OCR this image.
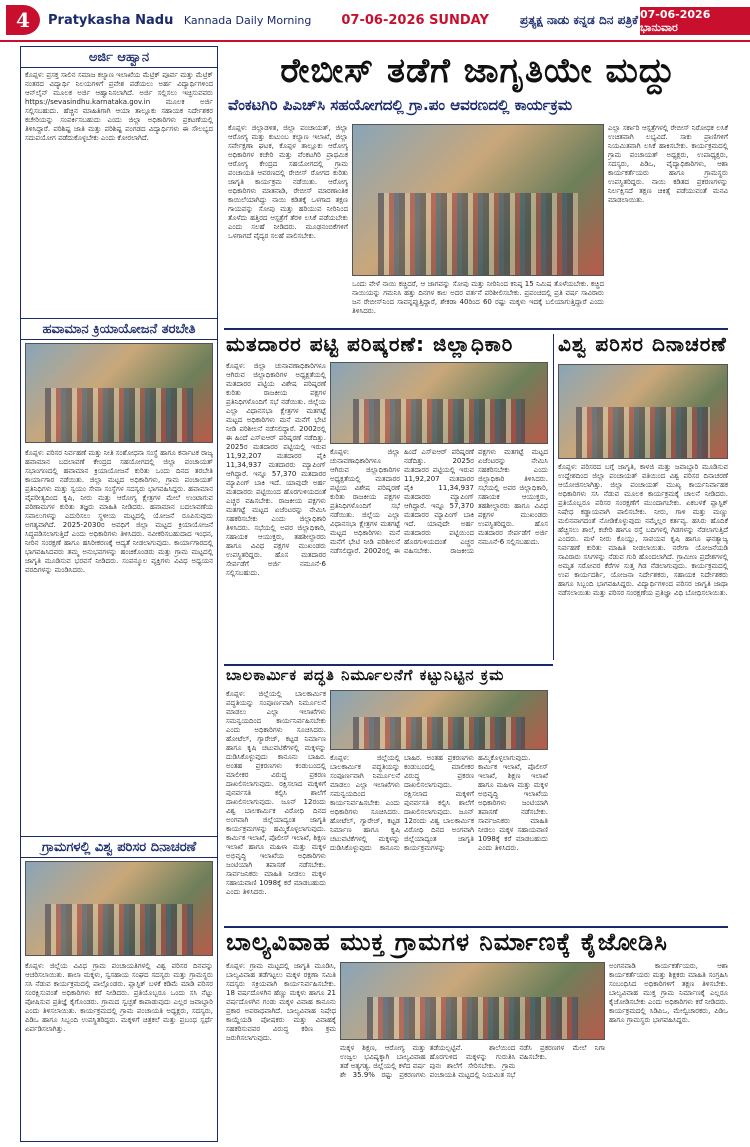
4	Pratykasha Nadu Kannada Daily Morning 07-06-2026 SUNDAY	ಪ್ರತ್ಯಕ್ಷ ನಾಡು ಕನ್ನಡ ದಿನ ಪತ್ರಿಕೆ 07-06-2026 ಭಾನುವಾರ
ಅರ್ಜಿ ಆಹ್ವಾನ
ಕೊಪ್ಪಳ: ಪ್ರಸಕ್ತ ಸಾಲಿನ ಸಮಾಜ ಕಲ್ಯಾಣ ಇಲಾಖೆಯ ಮೆಟ್ರಿಕ್ ಪೂರ್ವ ಮತ್ತು ಮೆಟ್ರಿಕ್ ನಂತರದ ವಿದ್ಯಾರ್ಥಿ ನಿಲಯಗಳಿಗೆ ಪ್ರವೇಶ ಪಡೆಯಲು ಅರ್ಹ ವಿದ್ಯಾರ್ಥಿಗಳಿಂದ ಆನ್‌ಲೈನ್ ಮೂಲಕ ಅರ್ಜಿ ಆಹ್ವಾನಿಸಲಾಗಿದೆ. ಅರ್ಜಿ ಸಲ್ಲಿಸಲು ಇಚ್ಛಿಸುವವರು https://sevasindhu.karnataka.gov.in ಮೂಲಕ ಅರ್ಜಿ ಸಲ್ಲಿಸಬಹುದು. ಹೆಚ್ಚಿನ ಮಾಹಿತಿಗಾಗಿ ಆಯಾ ತಾಲ್ಲೂಕು ಸಹಾಯಕ ನಿರ್ದೇಶಕರ ಕಚೇರಿಯನ್ನು ಸಂಪರ್ಕಿಸಬಹುದು ಎಂದು ಜಿಲ್ಲಾ ಅಧಿಕಾರಿಗಳು ಪ್ರಕಟಣೆಯಲ್ಲಿ ತಿಳಿಸಿದ್ದಾರೆ. ಪರಿಶಿಷ್ಟ ಜಾತಿ ಮತ್ತು ಪರಿಶಿಷ್ಟ ಪಂಗಡದ ವಿದ್ಯಾರ್ಥಿಗಳು ಈ ಸೌಲಭ್ಯದ ಸದುಪಯೋಗ ಪಡೆದುಕೊಳ್ಳಬೇಕು ಎಂದು ಕೋರಲಾಗಿದೆ.
ಹವಾಮಾನ ಕ್ರಿಯಾಯೋಜನೆ ತರಬೇತಿ
ಕೊಪ್ಪಳ: ಪರಿಸರ ನಿರ್ವಹಣೆ ಮತ್ತು ನೀತಿ ಸಂಶೋಧನಾ ಸಂಸ್ಥೆ ಹಾಗೂ ಕರ್ನಾಟಕ ರಾಜ್ಯ ಹವಾಮಾನ ಬದಲಾವಣೆ ಕೇಂದ್ರದ ಸಹಯೋಗದಲ್ಲಿ ಜಿಲ್ಲಾ ಪಂಚಾಯತ್ ಸಭಾಂಗಣದಲ್ಲಿ ಹವಾಮಾನ ಕ್ರಿಯಾಯೋಜನೆ ಕುರಿತು ಒಂದು ದಿನದ ತರಬೇತಿ ಕಾರ್ಯಾಗಾರ ನಡೆಯಿತು. ಜಿಲ್ಲಾ ಮಟ್ಟದ ಅಧಿಕಾರಿಗಳು, ಗ್ರಾಮ ಪಂಚಾಯತ್ ಪ್ರತಿನಿಧಿಗಳು ಮತ್ತು ಸ್ವಯಂ ಸೇವಾ ಸಂಸ್ಥೆಗಳ ಸದಸ್ಯರು ಭಾಗವಹಿಸಿದ್ದರು. ಹವಾಮಾನ ವೈಪರೀತ್ಯದಿಂದ ಕೃಷಿ, ನೀರು ಮತ್ತು ಆರೋಗ್ಯ ಕ್ಷೇತ್ರಗಳ ಮೇಲೆ ಉಂಟಾಗುವ ಪರಿಣಾಮಗಳ ಕುರಿತು ತಜ್ಞರು ಮಾಹಿತಿ ನೀಡಿದರು. ಹವಾಮಾನ ಬದಲಾವಣೆಯ ಸವಾಲುಗಳನ್ನು ಎದುರಿಸಲು ಸ್ಥಳೀಯ ಮಟ್ಟದಲ್ಲಿ ಯೋಜನೆ ರೂಪಿಸುವುದು ಅಗತ್ಯವಾಗಿದೆ. 2025-2030ರ ಅವಧಿಗೆ ಜಿಲ್ಲಾ ಮಟ್ಟದ ಕ್ರಿಯಾಯೋಜನೆ ಸಿದ್ಧಪಡಿಸಲಾಗುತ್ತಿದೆ ಎಂದು ಅಧಿಕಾರಿಗಳು ತಿಳಿಸಿದರು. ನವೀಕರಿಸಬಹುದಾದ ಇಂಧನ, ನೀರಿನ ಸಂರಕ್ಷಣೆ ಹಾಗೂ ಹಸಿರೀಕರಣಕ್ಕೆ ಆದ್ಯತೆ ನೀಡಲಾಗುವುದು. ಕಾರ್ಯಾಗಾರದಲ್ಲಿ ಭಾಗವಹಿಸಿದವರು ತಮ್ಮ ಅನುಭವಗಳನ್ನು ಹಂಚಿಕೊಂಡರು ಮತ್ತು ಗ್ರಾಮ ಮಟ್ಟದಲ್ಲಿ ಜಾಗೃತಿ ಮೂಡಿಸುವ ಭರವಸೆ ನೀಡಿದರು. ಸಂಪನ್ಮೂಲ ವ್ಯಕ್ತಿಗಳು ವಿವಿಧ ಅಧ್ಯಯನ ವರದಿಗಳನ್ನು ಮಂಡಿಸಿದರು.
ಗ್ರಾಮಗಳಲ್ಲಿ ವಿಶ್ವ ಪರಿಸರ ದಿನಾಚರಣೆ
ಕೊಪ್ಪಳ: ಜಿಲ್ಲೆಯ ವಿವಿಧ ಗ್ರಾಮ ಪಂಚಾಯತಿಗಳಲ್ಲಿ ವಿಶ್ವ ಪರಿಸರ ದಿನವನ್ನು ಆಚರಿಸಲಾಯಿತು. ಶಾಲಾ ಮಕ್ಕಳು, ಸ್ವಸಹಾಯ ಸಂಘದ ಸದಸ್ಯರು ಮತ್ತು ಗ್ರಾಮಸ್ಥರು ಸಸಿ ನೆಡುವ ಕಾರ್ಯಕ್ರಮದಲ್ಲಿ ಪಾಲ್ಗೊಂಡರು. ಪ್ಲಾಸ್ಟಿಕ್ ಬಳಕೆ ಕಡಿಮೆ ಮಾಡಿ ಪರಿಸರ ಸಂರಕ್ಷಿಸುವಂತೆ ಅಧಿಕಾರಿಗಳು ಕರೆ ನೀಡಿದರು. ಪ್ರತಿಯೊಬ್ಬರೂ ಒಂದು ಸಸಿ ನೆಟ್ಟು ಪೋಷಿಸುವ ಪ್ರತಿಜ್ಞೆ ಕೈಗೊಂಡರು. ಗ್ರಾಮದ ಸ್ವಚ್ಛತೆ ಕಾಪಾಡುವುದು ಎಲ್ಲರ ಜವಾಬ್ದಾರಿ ಎಂದು ತಿಳಿಸಲಾಯಿತು. ಕಾರ್ಯಕ್ರಮದಲ್ಲಿ ಗ್ರಾಮ ಪಂಚಾಯತಿ ಅಧ್ಯಕ್ಷರು, ಸದಸ್ಯರು, ಪಿಡಿಒ ಹಾಗೂ ಸಿಬ್ಬಂದಿ ಉಪಸ್ಥಿತರಿದ್ದರು. ಮಕ್ಕಳಿಗೆ ಚಿತ್ರಕಲೆ ಮತ್ತು ಪ್ರಬಂಧ ಸ್ಪರ್ಧೆ ಏರ್ಪಡಿಸಲಾಗಿತ್ತು.
ರೇಬೀಸ್ ತಡೆಗೆ ಜಾಗೃತಿಯೇ ಮದ್ದು
ವೆಂಕಟಗಿರಿ ಪಿಎಚ್‌ಸಿ ಸಹಯೋಗದಲ್ಲಿ ಗ್ರಾ.ಪಂ ಆವರಣದಲ್ಲಿ ಕಾರ್ಯಕ್ರಮ
ಕೊಪ್ಪಳ: ಜಿಲ್ಲಾಡಳಿತ, ಜಿಲ್ಲಾ ಪಂಚಾಯತ್, ಜಿಲ್ಲಾ ಆರೋಗ್ಯ ಮತ್ತು ಕುಟುಂಬ ಕಲ್ಯಾಣ ಇಲಾಖೆ, ಜಿಲ್ಲಾ ಸರ್ವೇಕ್ಷಣಾ ಘಟಕ, ಕೊಪ್ಪಳ ತಾಲ್ಲೂಕು ಆರೋಗ್ಯ ಅಧಿಕಾರಿಗಳ ಕಚೇರಿ ಮತ್ತು ವೆಂಕಟಗಿರಿ ಪ್ರಾಥಮಿಕ ಆರೋಗ್ಯ ಕೇಂದ್ರದ ಸಹಯೋಗದಲ್ಲಿ ಗ್ರಾಮ ಪಂಚಾಯತಿ ಆವರಣದಲ್ಲಿ ರೇಬೀಸ್ ರೋಗದ ಕುರಿತು ಜಾಗೃತಿ ಕಾರ್ಯಕ್ರಮ ನಡೆಯಿತು. ಆರೋಗ್ಯ ಅಧಿಕಾರಿಗಳು ಮಾತನಾಡಿ, ರೇಬೀಸ್ ಮಾರಣಾಂತಿಕ ಕಾಯಿಲೆಯಾಗಿದ್ದು ನಾಯಿ ಕಡಿತಕ್ಕೆ ಒಳಗಾದ ತಕ್ಷಣ ಗಾಯವನ್ನು ಸೋಪು ಮತ್ತು ಹರಿಯುವ ನೀರಿನಿಂದ ತೊಳೆದು ಹತ್ತಿರದ ಆಸ್ಪತ್ರೆಗೆ ತೆರಳಿ ಲಸಿಕೆ ಪಡೆಯಬೇಕು ಎಂದು ಸಲಹೆ ನೀಡಿದರು. ಮೂಢನಂಬಿಕೆಗಳಿಗೆ ಒಳಗಾಗದೆ ವೈದ್ಯರ ಸಲಹೆ ಪಾಲಿಸಬೇಕು.
ಎಲ್ಲಾ ಸರ್ಕಾರಿ ಆಸ್ಪತ್ರೆಗಳಲ್ಲಿ ರೇಬೀಸ್ ನಿರೋಧಕ ಲಸಿಕೆ ಉಚಿತವಾಗಿ ಲಭ್ಯವಿದೆ. ಸಾಕು ಪ್ರಾಣಿಗಳಿಗೆ ನಿಯಮಿತವಾಗಿ ಲಸಿಕೆ ಹಾಕಿಸಬೇಕು. ಕಾರ್ಯಕ್ರಮದಲ್ಲಿ ಗ್ರಾಮ ಪಂಚಾಯತ್ ಅಧ್ಯಕ್ಷರು, ಉಪಾಧ್ಯಕ್ಷರು, ಸದಸ್ಯರು, ಪಿಡಿಒ, ವೈದ್ಯಾಧಿಕಾರಿಗಳು, ಆಶಾ ಕಾರ್ಯಕರ್ತೆಯರು ಹಾಗೂ ಗ್ರಾಮಸ್ಥರು ಉಪಸ್ಥಿತರಿದ್ದರು. ನಾಯಿ ಕಡಿತದ ಪ್ರಕರಣಗಳನ್ನು ನಿರ್ಲಕ್ಷಿಸದೆ ತಕ್ಷಣ ಚಿಕಿತ್ಸೆ ಪಡೆಯುವಂತೆ ಮನವಿ ಮಾಡಲಾಯಿತು.
ಒಂದು ವೇಳೆ ನಾಯಿ ಕಚ್ಚಿದರೆ, ಆ ಜಾಗವನ್ನು ಸೋಪು ಮತ್ತು ನೀರಿನಿಂದ ಕನಿಷ್ಠ 15 ನಿಮಿಷ ತೊಳೆಯಬೇಕು. ಕಚ್ಚಿದ ನಾಯಿಯನ್ನು ಗಮನಿಸಿ ಹತ್ತು ದಿನಗಳ ಕಾಲ ಅದರ ವರ್ತನೆ ಪರಿಶೀಲಿಸಬೇಕು. ಪ್ರಪಂಚದಲ್ಲಿ ಪ್ರತಿ ವರ್ಷ ಸಾವಿರಾರು ಜನ ರೇಬೀಸ್‌ನಿಂದ ಸಾವನ್ನಪ್ಪುತ್ತಿದ್ದಾರೆ, ಶೇಕಡಾ 40ರಿಂದ 60 ರಷ್ಟು ಮಕ್ಕಳು ಇದಕ್ಕೆ ಬಲಿಯಾಗುತ್ತಿದ್ದಾರೆ ಎಂದು ತಿಳಿಸಿದರು.
ಮತದಾರರ ಪಟ್ಟಿ ಪರಿಷ್ಕರಣೆ: ಜಿಲ್ಲಾಧಿಕಾರಿ
ಕೊಪ್ಪಳ: ಜಿಲ್ಲಾ ಚುನಾವಣಾಧಿಕಾರಿಗಳೂ ಆಗಿರುವ ಜಿಲ್ಲಾಧಿಕಾರಿಗಳ ಅಧ್ಯಕ್ಷತೆಯಲ್ಲಿ ಮತದಾರರ ಪಟ್ಟಿಯ ವಿಶೇಷ ಪರಿಷ್ಕರಣೆ ಕುರಿತು ರಾಜಕೀಯ ಪಕ್ಷಗಳ ಪ್ರತಿನಿಧಿಗಳೊಂದಿಗೆ ಸಭೆ ನಡೆಯಿತು. ಜಿಲ್ಲೆಯ ಎಲ್ಲಾ ವಿಧಾನಸಭಾ ಕ್ಷೇತ್ರಗಳ ಮತಗಟ್ಟೆ ಮಟ್ಟದ ಅಧಿಕಾರಿಗಳು ಮನೆ ಮನೆಗೆ ಭೇಟಿ ನೀಡಿ ಪರಿಶೀಲನೆ ನಡೆಸಲಿದ್ದಾರೆ. 2002ರಲ್ಲಿ ಈ ಹಿಂದೆ ಎಸ್‌ಐಆರ್ ಪರಿಷ್ಕರಣೆ ನಡೆದಿತ್ತು. 2025ರ ಮತದಾರರ ಪಟ್ಟಿಯಲ್ಲಿ ಇರುವ 11,92,207 ಮತದಾರರ ಪೈಕಿ 11,34,937 ಮತದಾರರು ಮ್ಯಾಪಿಂಗ್ ಆಗಿದ್ದಾರೆ. ಇನ್ನೂ 57,370 ಮತದಾರರ ಮ್ಯಾಪಿಂಗ್ ಬಾಕಿ ಇದೆ. ಯಾವುದೇ ಅರ್ಹ ಮತದಾರರು ಪಟ್ಟಿಯಿಂದ ಹೊರಗುಳಿಯದಂತೆ ಎಚ್ಚರ ವಹಿಸಬೇಕು. ರಾಜಕೀಯ ಪಕ್ಷಗಳು ಮತಗಟ್ಟೆ ಮಟ್ಟದ ಏಜೆಂಟರನ್ನು ನೇಮಿಸಿ ಸಹಕರಿಸಬೇಕು ಎಂದು ಜಿಲ್ಲಾಧಿಕಾರಿ ತಿಳಿಸಿದರು. ಸಭೆಯಲ್ಲಿ ಅಪರ ಜಿಲ್ಲಾಧಿಕಾರಿ, ಸಹಾಯಕ ಆಯುಕ್ತರು, ತಹಶೀಲ್ದಾರರು ಹಾಗೂ ವಿವಿಧ ಪಕ್ಷಗಳ ಮುಖಂಡರು ಉಪಸ್ಥಿತರಿದ್ದರು. ಹೊಸ ಮತದಾರರ ಸೇರ್ಪಡೆಗೆ ಅರ್ಜಿ ನಮೂನೆ-6 ಸಲ್ಲಿಸಬಹುದು.
ಕೊಪ್ಪಳ: ಜಿಲ್ಲಾ ಚುನಾವಣಾಧಿಕಾರಿಗಳೂ ಆಗಿರುವ ಜಿಲ್ಲಾಧಿಕಾರಿಗಳ ಅಧ್ಯಕ್ಷತೆಯಲ್ಲಿ ಮತದಾರರ ಪಟ್ಟಿಯ ವಿಶೇಷ ಪರಿಷ್ಕರಣೆ ಕುರಿತು ರಾಜಕೀಯ ಪಕ್ಷಗಳ ಪ್ರತಿನಿಧಿಗಳೊಂದಿಗೆ ಸಭೆ ನಡೆಯಿತು. ಜಿಲ್ಲೆಯ ಎಲ್ಲಾ ವಿಧಾನಸಭಾ ಕ್ಷೇತ್ರಗಳ ಮತಗಟ್ಟೆ ಮಟ್ಟದ ಅಧಿಕಾರಿಗಳು ಮನೆ ಮನೆಗೆ ಭೇಟಿ ನೀಡಿ ಪರಿಶೀಲನೆ ನಡೆಸಲಿದ್ದಾರೆ. 2002ರಲ್ಲಿ ಈ ಹಿಂದೆ ಎಸ್‌ಐಆರ್ ಪರಿಷ್ಕರಣೆ ನಡೆದಿತ್ತು. 2025ರ ಮತದಾರರ ಪಟ್ಟಿಯಲ್ಲಿ ಇರುವ 11,92,207 ಮತದಾರರ ಪೈಕಿ 11,34,937 ಮತದಾರರು ಮ್ಯಾಪಿಂಗ್ ಆಗಿದ್ದಾರೆ. ಇನ್ನೂ 57,370 ಮತದಾರರ ಮ್ಯಾಪಿಂಗ್ ಬಾಕಿ ಇದೆ. ಯಾವುದೇ ಅರ್ಹ ಮತದಾರರು ಪಟ್ಟಿಯಿಂದ ಹೊರಗುಳಿಯದಂತೆ ಎಚ್ಚರ ವಹಿಸಬೇಕು. ರಾಜಕೀಯ ಪಕ್ಷಗಳು ಮತಗಟ್ಟೆ ಮಟ್ಟದ ಏಜೆಂಟರನ್ನು ನೇಮಿಸಿ ಸಹಕರಿಸಬೇಕು ಎಂದು ಜಿಲ್ಲಾಧಿಕಾರಿ ತಿಳಿಸಿದರು. ಸಭೆಯಲ್ಲಿ ಅಪರ ಜಿಲ್ಲಾಧಿಕಾರಿ, ಸಹಾಯಕ ಆಯುಕ್ತರು, ತಹಶೀಲ್ದಾರರು ಹಾಗೂ ವಿವಿಧ ಪಕ್ಷಗಳ ಮುಖಂಡರು ಉಪಸ್ಥಿತರಿದ್ದರು. ಹೊಸ ಮತದಾರರ ಸೇರ್ಪಡೆಗೆ ಅರ್ಜಿ ನಮೂನೆ-6 ಸಲ್ಲಿಸಬಹುದು.
ವಿಶ್ವ ಪರಿಸರ ದಿನಾಚರಣೆ
ಕೊಪ್ಪಳ: ಪರಿಸರದ ಬಗ್ಗೆ ಜಾಗೃತಿ, ಕಾಳಜಿ ಮತ್ತು ಜವಾಬ್ದಾರಿ ಮೂಡಿಸುವ ಉದ್ದೇಶದಿಂದ ಜಿಲ್ಲಾ ಪಂಚಾಯತ್ ವತಿಯಿಂದ ವಿಶ್ವ ಪರಿಸರ ದಿನಾಚರಣೆ ಆಯೋಜಿಸಲಾಗಿತ್ತು. ಜಿಲ್ಲಾ ಪಂಚಾಯತ್ ಮುಖ್ಯ ಕಾರ್ಯನಿರ್ವಾಹಕ ಅಧಿಕಾರಿಗಳು ಸಸಿ ನೆಡುವ ಮೂಲಕ ಕಾರ್ಯಕ್ರಮಕ್ಕೆ ಚಾಲನೆ ನೀಡಿದರು. ಪ್ರತಿಯೊಬ್ಬರೂ ಪರಿಸರ ಸಂರಕ್ಷಣೆಗೆ ಮುಂದಾಗಬೇಕು. ಏಕಬಳಕೆ ಪ್ಲಾಸ್ಟಿಕ್ ನಿಷೇಧ ಕಡ್ಡಾಯವಾಗಿ ಪಾಲಿಸಬೇಕು. ನೀರು, ಗಾಳಿ ಮತ್ತು ಮಣ್ಣು ಮಲಿನವಾಗದಂತೆ ನೋಡಿಕೊಳ್ಳುವುದು ನಮ್ಮೆಲ್ಲರ ಕರ್ತವ್ಯ. ಹಸಿರು ಹೊದಿಕೆ ಹೆಚ್ಚಿಸಲು ಶಾಲೆ, ಕಚೇರಿ ಹಾಗೂ ರಸ್ತೆ ಬದಿಗಳಲ್ಲಿ ಗಿಡಗಳನ್ನು ನೆಡಲಾಗುತ್ತಿದೆ ಎಂದರು. ಮಳೆ ನೀರು ಕೊಯ್ಲು, ಸಾವಯವ ಕೃಷಿ ಹಾಗೂ ಘನತ್ಯಾಜ್ಯ ನಿರ್ವಹಣೆ ಕುರಿತು ಮಾಹಿತಿ ನೀಡಲಾಯಿತು. ನರೇಗಾ ಯೋಜನೆಯಡಿ ಸಾವಿರಾರು ಸಸಿಗಳನ್ನು ನೆಡುವ ಗುರಿ ಹೊಂದಲಾಗಿದೆ. ಗ್ರಾಮೀಣ ಪ್ರದೇಶಗಳಲ್ಲಿ ಅಮೃತ ಸರೋವರ ಕೆರೆಗಳ ಸುತ್ತ ಗಿಡ ನೆಡಲಾಗುವುದು. ಕಾರ್ಯಕ್ರಮದಲ್ಲಿ ಉಪ ಕಾರ್ಯದರ್ಶಿ, ಯೋಜನಾ ನಿರ್ದೇಶಕರು, ಸಹಾಯಕ ನಿರ್ದೇಶಕರು ಹಾಗೂ ಸಿಬ್ಬಂದಿ ಭಾಗವಹಿಸಿದ್ದರು. ವಿದ್ಯಾರ್ಥಿಗಳಿಂದ ಪರಿಸರ ಜಾಗೃತಿ ಜಾಥಾ ನಡೆಸಲಾಯಿತು ಮತ್ತು ಪರಿಸರ ಸಂರಕ್ಷಣೆಯ ಪ್ರತಿಜ್ಞಾ ವಿಧಿ ಬೋಧಿಸಲಾಯಿತು.
ಬಾಲಕಾರ್ಮಿಕ ಪದ್ಧತಿ ನಿರ್ಮೂಲನೆಗೆ ಕಟ್ಟುನಿಟ್ಟಿನ ಕ್ರಮ
ಕೊಪ್ಪಳ: ಜಿಲ್ಲೆಯಲ್ಲಿ ಬಾಲಕಾರ್ಮಿಕ ಪದ್ಧತಿಯನ್ನು ಸಂಪೂರ್ಣವಾಗಿ ನಿರ್ಮೂಲನೆ ಮಾಡಲು ಎಲ್ಲಾ ಇಲಾಖೆಗಳು ಸಮನ್ವಯದಿಂದ ಕಾರ್ಯನಿರ್ವಹಿಸಬೇಕು ಎಂದು ಅಧಿಕಾರಿಗಳು ಸೂಚಿಸಿದರು. ಹೋಟೆಲ್, ಗ್ಯಾರೇಜ್, ಕಟ್ಟಡ ನಿರ್ಮಾಣ ಹಾಗೂ ಕೃಷಿ ಚಟುವಟಿಕೆಗಳಲ್ಲಿ ಮಕ್ಕಳನ್ನು ದುಡಿಸಿಕೊಳ್ಳುವುದು ಕಾನೂನು ಬಾಹಿರ. ಅಂತಹ ಪ್ರಕರಣಗಳು ಕಂಡುಬಂದಲ್ಲಿ ಮಾಲೀಕರ ವಿರುದ್ಧ ಪ್ರಕರಣ ದಾಖಲಿಸಲಾಗುವುದು. ರಕ್ಷಿಸಲಾದ ಮಕ್ಕಳಿಗೆ ಪುನರ್ವಸತಿ ಕಲ್ಪಿಸಿ ಶಾಲೆಗೆ ದಾಖಲಿಸಲಾಗುವುದು. ಜೂನ್ 12ರಂದು ವಿಶ್ವ ಬಾಲಕಾರ್ಮಿಕ ವಿರೋಧಿ ದಿನದ ಅಂಗವಾಗಿ ಜಿಲ್ಲೆಯಾದ್ಯಂತ ಜಾಗೃತಿ ಕಾರ್ಯಕ್ರಮಗಳನ್ನು ಹಮ್ಮಿಕೊಳ್ಳಲಾಗುವುದು. ಕಾರ್ಮಿಕ ಇಲಾಖೆ, ಪೊಲೀಸ್ ಇಲಾಖೆ, ಶಿಕ್ಷಣ ಇಲಾಖೆ ಹಾಗೂ ಮಹಿಳಾ ಮತ್ತು ಮಕ್ಕಳ ಅಭಿವೃದ್ಧಿ ಇಲಾಖೆಯ ಅಧಿಕಾರಿಗಳು ಜಂಟಿಯಾಗಿ ತಪಾಸಣೆ ನಡೆಸಬೇಕು. ಸಾರ್ವಜನಿಕರು ಮಾಹಿತಿ ನೀಡಲು ಮಕ್ಕಳ ಸಹಾಯವಾಣಿ 1098ಕ್ಕೆ ಕರೆ ಮಾಡಬಹುದು ಎಂದು ತಿಳಿಸಿದರು.
ಕೊಪ್ಪಳ: ಜಿಲ್ಲೆಯಲ್ಲಿ ಬಾಲಕಾರ್ಮಿಕ ಪದ್ಧತಿಯನ್ನು ಸಂಪೂರ್ಣವಾಗಿ ನಿರ್ಮೂಲನೆ ಮಾಡಲು ಎಲ್ಲಾ ಇಲಾಖೆಗಳು ಸಮನ್ವಯದಿಂದ ಕಾರ್ಯನಿರ್ವಹಿಸಬೇಕು ಎಂದು ಅಧಿಕಾರಿಗಳು ಸೂಚಿಸಿದರು. ಹೋಟೆಲ್, ಗ್ಯಾರೇಜ್, ಕಟ್ಟಡ ನಿರ್ಮಾಣ ಹಾಗೂ ಕೃಷಿ ಚಟುವಟಿಕೆಗಳಲ್ಲಿ ಮಕ್ಕಳನ್ನು ದುಡಿಸಿಕೊಳ್ಳುವುದು ಕಾನೂನು ಬಾಹಿರ. ಅಂತಹ ಪ್ರಕರಣಗಳು ಕಂಡುಬಂದಲ್ಲಿ ಮಾಲೀಕರ ವಿರುದ್ಧ ಪ್ರಕರಣ ದಾಖಲಿಸಲಾಗುವುದು. ರಕ್ಷಿಸಲಾದ ಮಕ್ಕಳಿಗೆ ಪುನರ್ವಸತಿ ಕಲ್ಪಿಸಿ ಶಾಲೆಗೆ ದಾಖಲಿಸಲಾಗುವುದು. ಜೂನ್ 12ರಂದು ವಿಶ್ವ ಬಾಲಕಾರ್ಮಿಕ ವಿರೋಧಿ ದಿನದ ಅಂಗವಾಗಿ ಜಿಲ್ಲೆಯಾದ್ಯಂತ ಜಾಗೃತಿ ಕಾರ್ಯಕ್ರಮಗಳನ್ನು ಹಮ್ಮಿಕೊಳ್ಳಲಾಗುವುದು. ಕಾರ್ಮಿಕ ಇಲಾಖೆ, ಪೊಲೀಸ್ ಇಲಾಖೆ, ಶಿಕ್ಷಣ ಇಲಾಖೆ ಹಾಗೂ ಮಹಿಳಾ ಮತ್ತು ಮಕ್ಕಳ ಅಭಿವೃದ್ಧಿ ಇಲಾಖೆಯ ಅಧಿಕಾರಿಗಳು ಜಂಟಿಯಾಗಿ ತಪಾಸಣೆ ನಡೆಸಬೇಕು. ಸಾರ್ವಜನಿಕರು ಮಾಹಿತಿ ನೀಡಲು ಮಕ್ಕಳ ಸಹಾಯವಾಣಿ 1098ಕ್ಕೆ ಕರೆ ಮಾಡಬಹುದು ಎಂದು ತಿಳಿಸಿದರು.
ಬಾಲ್ಯವಿವಾಹ ಮುಕ್ತ ಗ್ರಾಮಗಳ ನಿರ್ಮಾಣಕ್ಕೆ ಕೈಜೋಡಿಸಿ
ಕೊಪ್ಪಳ: ಗ್ರಾಮ ಮಟ್ಟದಲ್ಲಿ ಜಾಗೃತಿ ಮೂಡಿಸಿ, ಬಾಲ್ಯವಿವಾಹ ತಡೆಗಟ್ಟಲು ಮಕ್ಕಳ ರಕ್ಷಣಾ ಸಮಿತಿ ಸದಸ್ಯರು ಸಕ್ರಿಯವಾಗಿ ಕಾರ್ಯನಿರ್ವಹಿಸಬೇಕು. 18 ವರ್ಷದೊಳಗಿನ ಹೆಣ್ಣು ಮಕ್ಕಳು ಹಾಗೂ 21 ವರ್ಷದೊಳಗಿನ ಗಂಡು ಮಕ್ಕಳ ವಿವಾಹ ಕಾನೂನು ಪ್ರಕಾರ ಅಪರಾಧವಾಗಿದೆ. ಬಾಲ್ಯವಿವಾಹ ನಿಷೇಧ ಕಾಯ್ದೆಯಡಿ ಪೋಷಕರು ಮತ್ತು ವಿವಾಹಕ್ಕೆ ಸಹಕರಿಸುವವರ ವಿರುದ್ಧ ಕಠಿಣ ಕ್ರಮ ಜರುಗಿಸಲಾಗುವುದು.
ಮಕ್ಕಳ ಶಿಕ್ಷಣ, ಆರೋಗ್ಯ ಮತ್ತು ಉಜ್ವಲ ಭವಿಷ್ಯಕ್ಕಾಗಿ ಬಾಲ್ಯವಿವಾಹ ತಡೆ ಅತ್ಯಗತ್ಯ. ಜಿಲ್ಲೆಯಲ್ಲಿ ಕಳೆದ ವರ್ಷ ಶೇ 35.9% ರಷ್ಟು ಪ್ರಕರಣಗಳು ತಡೆಯಲ್ಪಟ್ಟಿವೆ. ಶಾಲೆಯಿಂದ ಹೊರಗುಳಿದ ಮಕ್ಕಳನ್ನು ಗುರುತಿಸಿ ಪುನಃ ಶಾಲೆಗೆ ಸೇರಿಸಬೇಕು. ಗ್ರಾಮ ಪಂಚಾಯತಿ ಮಟ್ಟದಲ್ಲಿ ನಿಯಮಿತ ಸಭೆ ನಡೆಸಿ ಪ್ರಕರಣಗಳ ಮೇಲೆ ನಿಗಾ ವಹಿಸಬೇಕು.
ಅಂಗನವಾಡಿ ಕಾರ್ಯಕರ್ತೆಯರು, ಆಶಾ ಕಾರ್ಯಕರ್ತೆಯರು ಮತ್ತು ಶಿಕ್ಷಕರು ಮಾಹಿತಿ ಸಂಗ್ರಹಿಸಿ ಸಂಬಂಧಿಸಿದ ಅಧಿಕಾರಿಗಳಿಗೆ ತಕ್ಷಣ ತಿಳಿಸಬೇಕು. ಬಾಲ್ಯವಿವಾಹ ಮುಕ್ತ ಗ್ರಾಮ ನಿರ್ಮಾಣಕ್ಕೆ ಎಲ್ಲರೂ ಕೈಜೋಡಿಸಬೇಕು ಎಂದು ಅಧಿಕಾರಿಗಳು ಕರೆ ನೀಡಿದರು. ಕಾರ್ಯಕ್ರಮದಲ್ಲಿ ಸಿಡಿಪಿಒ, ಮೇಲ್ವಿಚಾರಕರು, ಪಿಡಿಒ ಹಾಗೂ ಗ್ರಾಮಸ್ಥರು ಭಾಗವಹಿಸಿದ್ದರು.
